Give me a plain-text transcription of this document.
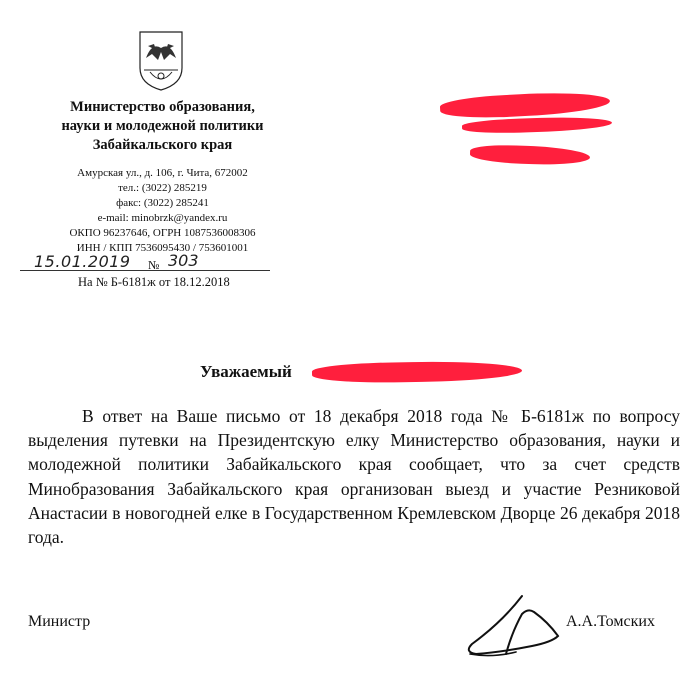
Министерство образования,
науки и молодежной политики
Забайкальского края
Амурская ул., д. 106, г. Чита, 672002
тел.: (3022) 285219
факс: (3022) 285241
e-mail: minobrzk@yandex.ru
ОКПО 96237646, ОГРН 1087536008306
ИНН / КПП 7536095430 / 753601001
15.01.2019 № 303
На № Б-6181ж от 18.12.2018
Уважаемый
В ответ на Ваше письмо от 18 декабря 2018 года № Б-6181ж по вопросу выделения путевки на Президентскую елку Министерство образования, науки и молодежной политики Забайкальского края сообщает, что за счет средств Минобразования Забайкальского края организован выезд и участие Резниковой Анастасии в новогодней елке в Государственном Кремлевском Дворце 26 декабря 2018 года.
Министр	А.А.Томских
